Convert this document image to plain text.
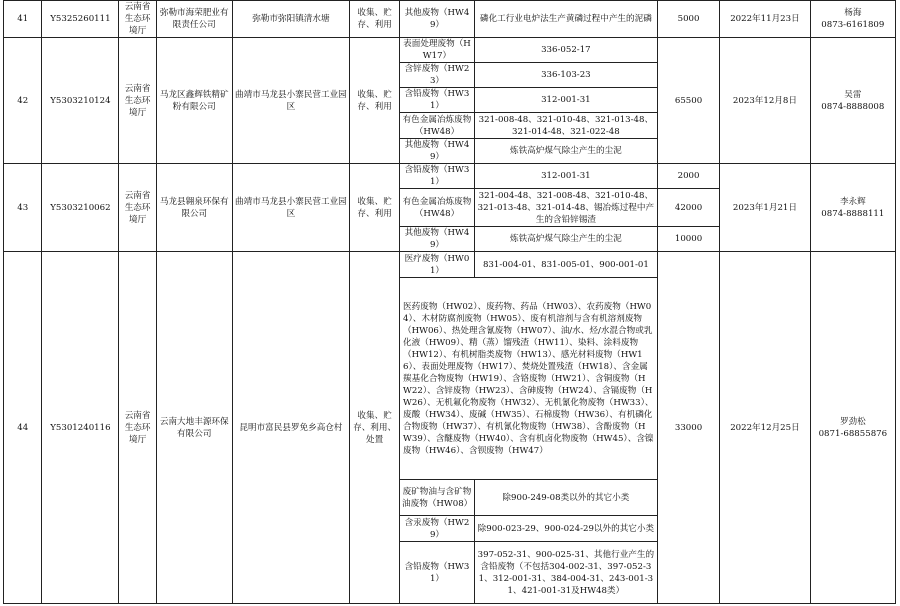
41	Y5325260111	云南省生态环境厅	弥勒市海荣肥业有限责任公司	弥勒市弥阳镇清水塘	收集、贮存、利用	其他废物（HW49）	磷化工行业电炉法生产黄磷过程中产生的泥磷	5000	2022年11月23日	杨海
0873-6161809

42	Y5303210124	云南省生态环境厅	马龙区鑫辉铁精矿粉有限公司	曲靖市马龙县小寨民营工业园区	收集、贮存、利用	表面处理废物（HW17）	336-052-17	65500	2023年12月8日	吴雷
0874-8888008

						含锌废物（HW23）	336-103-23			
						含铅废物（HW31）	312-001-31			
						有色金属冶炼废物（HW48）	321-008-48、321-010-48、321-013-48、321-014-48、321-022-48			
						其他废物（HW49）	炼铁高炉煤气除尘产生的尘泥			
43	Y5303210062	云南省生态环境厅	马龙县翱泉环保有限公司	曲靖市马龙县小寨民营工业园区	收集、贮存、利用	含铅废物（HW31）	312-001-31	2000	2023年1月21日	李永辉
0874-8888111

						有色金属冶炼废物（HW48）	321-004-48、321-008-48、321-010-48、321-013-48、321-014-48、锡冶炼过程中产生的含铅锌锡渣	42000		
						其他废物（HW49）	炼铁高炉煤气除尘产生的尘泥	10000		
44	Y5301240116	云南省生态环境厅	云南大地丰源环保有限公司	昆明市富民县罗免乡高仓村	收集、贮存、利用、处置	医疗废物（HW01）	831-004-01、831-005-01、900-001-01	33000	2022年12月25日	罗劲松
0871-68855876

						医药废物（HW02）、废药物、药品（HW03）、农药废物（HW04）、木材防腐剂废物（HW05）、废有机溶剂与含有机溶剂废物（HW06）、热处理含氰废物（HW07）、油/水、烃/水混合物或乳化液（HW09）、精（蒸）馏残渣（HW11）、染料、涂料废物（HW12）、有机树脂类废物（HW13）、感光材料废物（HW16）、表面处理废物（HW17）、焚烧处置残渣（HW18）、含金属羰基化合物废物（HW19）、含铬废物（HW21）、含铜废物（HW22）、含锌废物（HW23）、含砷废物（HW24）、含镉废物（HW26）、无机氟化物废物（HW32）、无机氰化物废物（HW33）、废酸（HW34）、废碱（HW35）、石棉废物（HW36）、有机磷化合物废物（HW37）、有机氰化物废物（HW38）、含酚废物（HW39）、含醚废物（HW40）、含有机卤化物废物（HW45）、含镍废物（HW46）、含钡废物（HW47）				
						废矿物油与含矿物油废物（HW08）	除900-249-08类以外的其它小类			
						含汞废物（HW29）	除900-023-29、900-024-29以外的其它小类			
						含铅废物（HW31）	397-052-31、900-025-31、其他行业产生的含铅废物（不包括304-002-31、397-052-31、312-001-31、384-004-31、243-001-31、421-001-31及HW48类）			
